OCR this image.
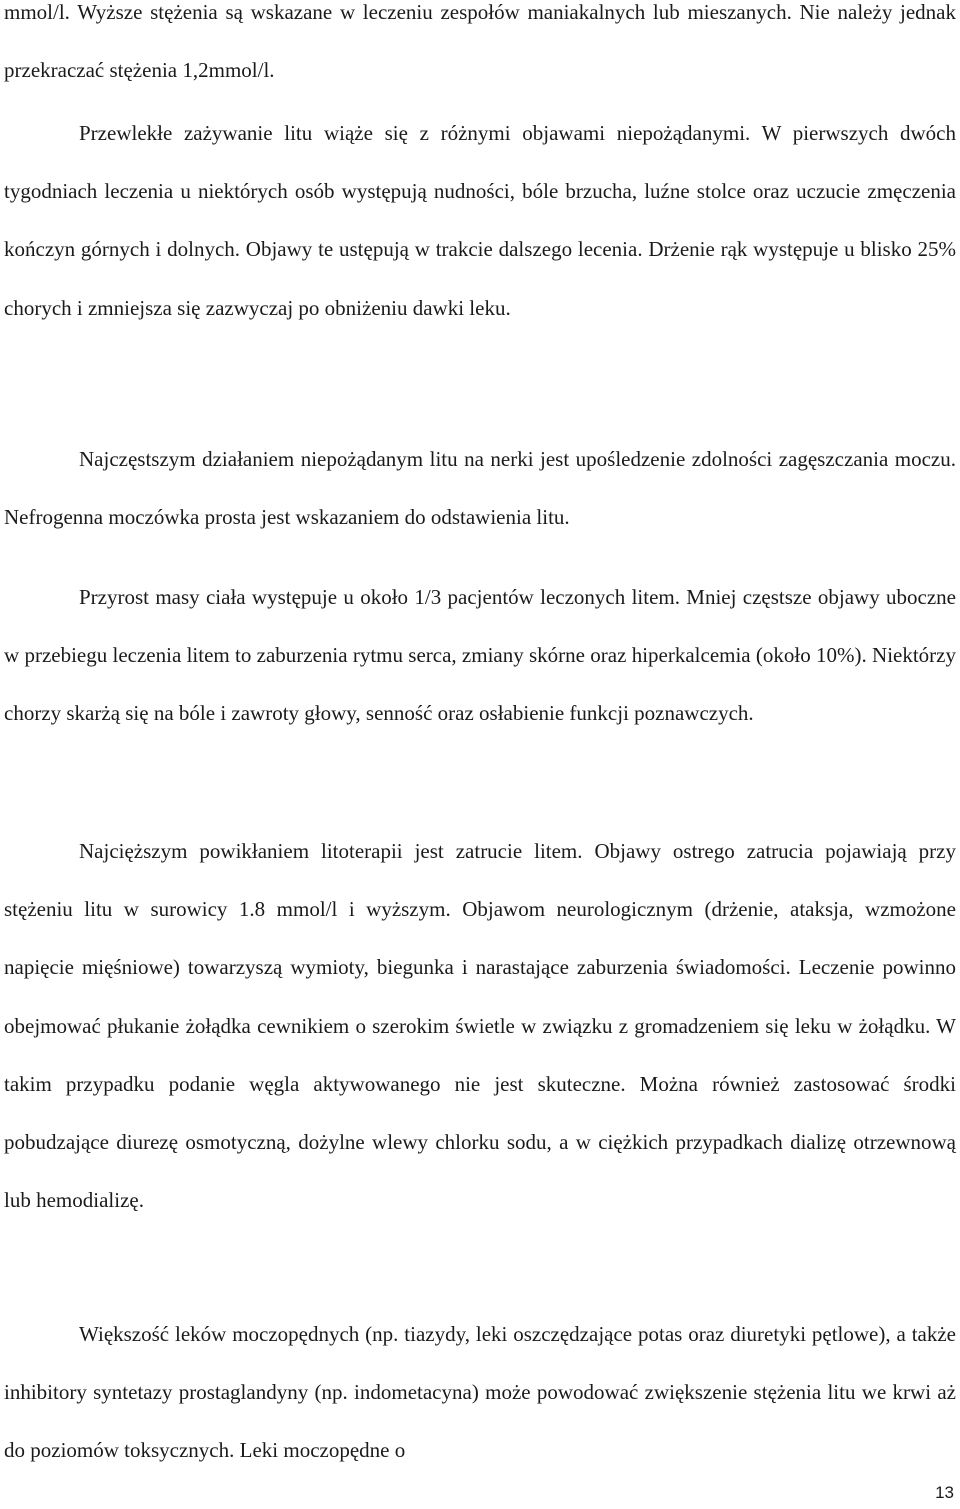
mmol/l. Wyższe stężenia są wskazane w leczeniu zespołów maniakalnych lub mieszanych. Nie należy jednak przekraczać stężenia 1,2mmol/l.

Przewlekłe zażywanie litu wiąże się z różnymi objawami niepożądanymi. W pierwszych dwóch tygodniach leczenia u niektórych osób występują nudności, bóle brzucha, luźne stolce oraz uczucie zmęczenia kończyn górnych i dolnych. Objawy te ustępują w trakcie dalszego lecenia. Drżenie rąk występuje u blisko 25% chorych i zmniejsza się zazwyczaj po obniżeniu dawki leku.

Najczęstszym działaniem niepożądanym litu na nerki jest upośledzenie zdolności zagęszczania moczu. Nefrogenna moczówka prosta jest wskazaniem do odstawienia litu.

Przyrost masy ciała występuje u około 1/3 pacjentów leczonych litem. Mniej częstsze objawy uboczne w przebiegu leczenia litem to zaburzenia rytmu serca, zmiany skórne oraz hiperkalcemia (około 10%). Niektórzy chorzy skarżą się na bóle i zawroty głowy, senność oraz osłabienie funkcji poznawczych.

Najcięższym powikłaniem litoterapii jest zatrucie litem. Objawy ostrego zatrucia pojawiają przy stężeniu litu w surowicy 1.8 mmol/l i wyższym. Objawom neurologicznym (drżenie, ataksja, wzmożone napięcie mięśniowe) towarzyszą wymioty, biegunka i narastające zaburzenia świadomości. Leczenie powinno obejmować płukanie żołądka cewnikiem o szerokim świetle w związku z gromadzeniem się leku w żołądku. W takim przypadku podanie węgla aktywowanego nie jest skuteczne. Można również zastosować środki pobudzające diurezę osmotyczną, dożylne wlewy chlorku sodu, a w ciężkich przypadkach dializę otrzewnową lub hemodializę.

Większość leków moczopędnych (np. tiazydy, leki oszczędzające potas oraz diuretyki pętlowe), a także inhibitory syntetazy prostaglandyny (np. indometacyna) może powodować zwiększenie stężenia litu we krwi aż do poziomów toksycznych. Leki moczopędne o

13
